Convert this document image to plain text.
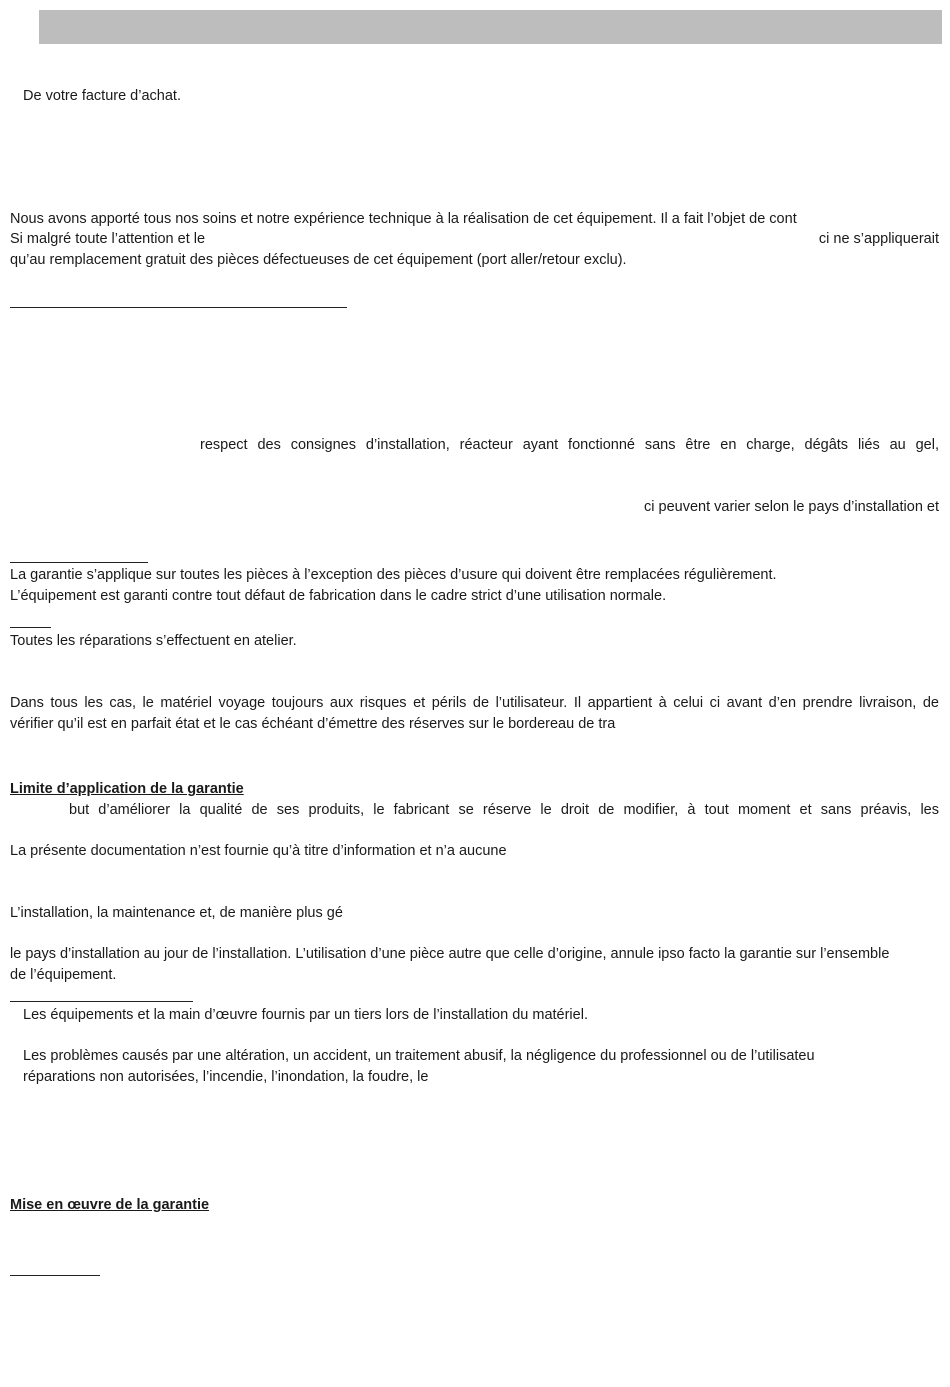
De votre facture d’achat.
Nous avons apporté tous nos soins et notre expérience technique à la réalisation de cet équipement. Il a fait l’objet de cont
Si malgré toute l’attention et le	ci ne s’appliquerait
qu’au remplacement gratuit des pièces défectueuses de cet équipement (port aller/retour exclu).
respect des consignes d’installation, réacteur ayant fonctionné sans être en charge, dégâts liés au gel,
ci peuvent varier selon le pays d’installation et
La garantie s’applique sur toutes les pièces à l’exception des pièces d’usure qui doivent être remplacées régulièrement.
L’équipement est garanti contre tout défaut de fabrication dans le cadre strict d’une utilisation normale.
Toutes les réparations s’effectuent en atelier.
Dans tous les cas, le matériel voyage toujours aux risques et périls de l’utilisateur. Il appartient à celui ci avant d’en prendre livraison, de
vérifier qu’il est en parfait état et le cas échéant d’émettre des réserves sur le bordereau de tra
Limite d’application de la garantie
but d’améliorer la qualité de ses produits, le fabricant se réserve le droit de modifier, à tout moment et sans préavis, les
La présente documentation n’est fournie qu’à titre d’information et n’a aucune
L’installation, la maintenance et, de manière plus gé
le pays d’installation au jour de l’installation. L’utilisation d’une pièce autre que celle d’origine, annule ipso facto la garantie sur l’ensemble
de l’équipement.
Les équipements et la main d’œuvre fournis par un tiers lors de l’installation du matériel.
Les problèmes causés par une altération, un accident, un traitement abusif, la négligence du professionnel ou de l’utilisateu
réparations non autorisées, l’incendie, l’inondation, la foudre, le
Mise en œuvre de la garantie
